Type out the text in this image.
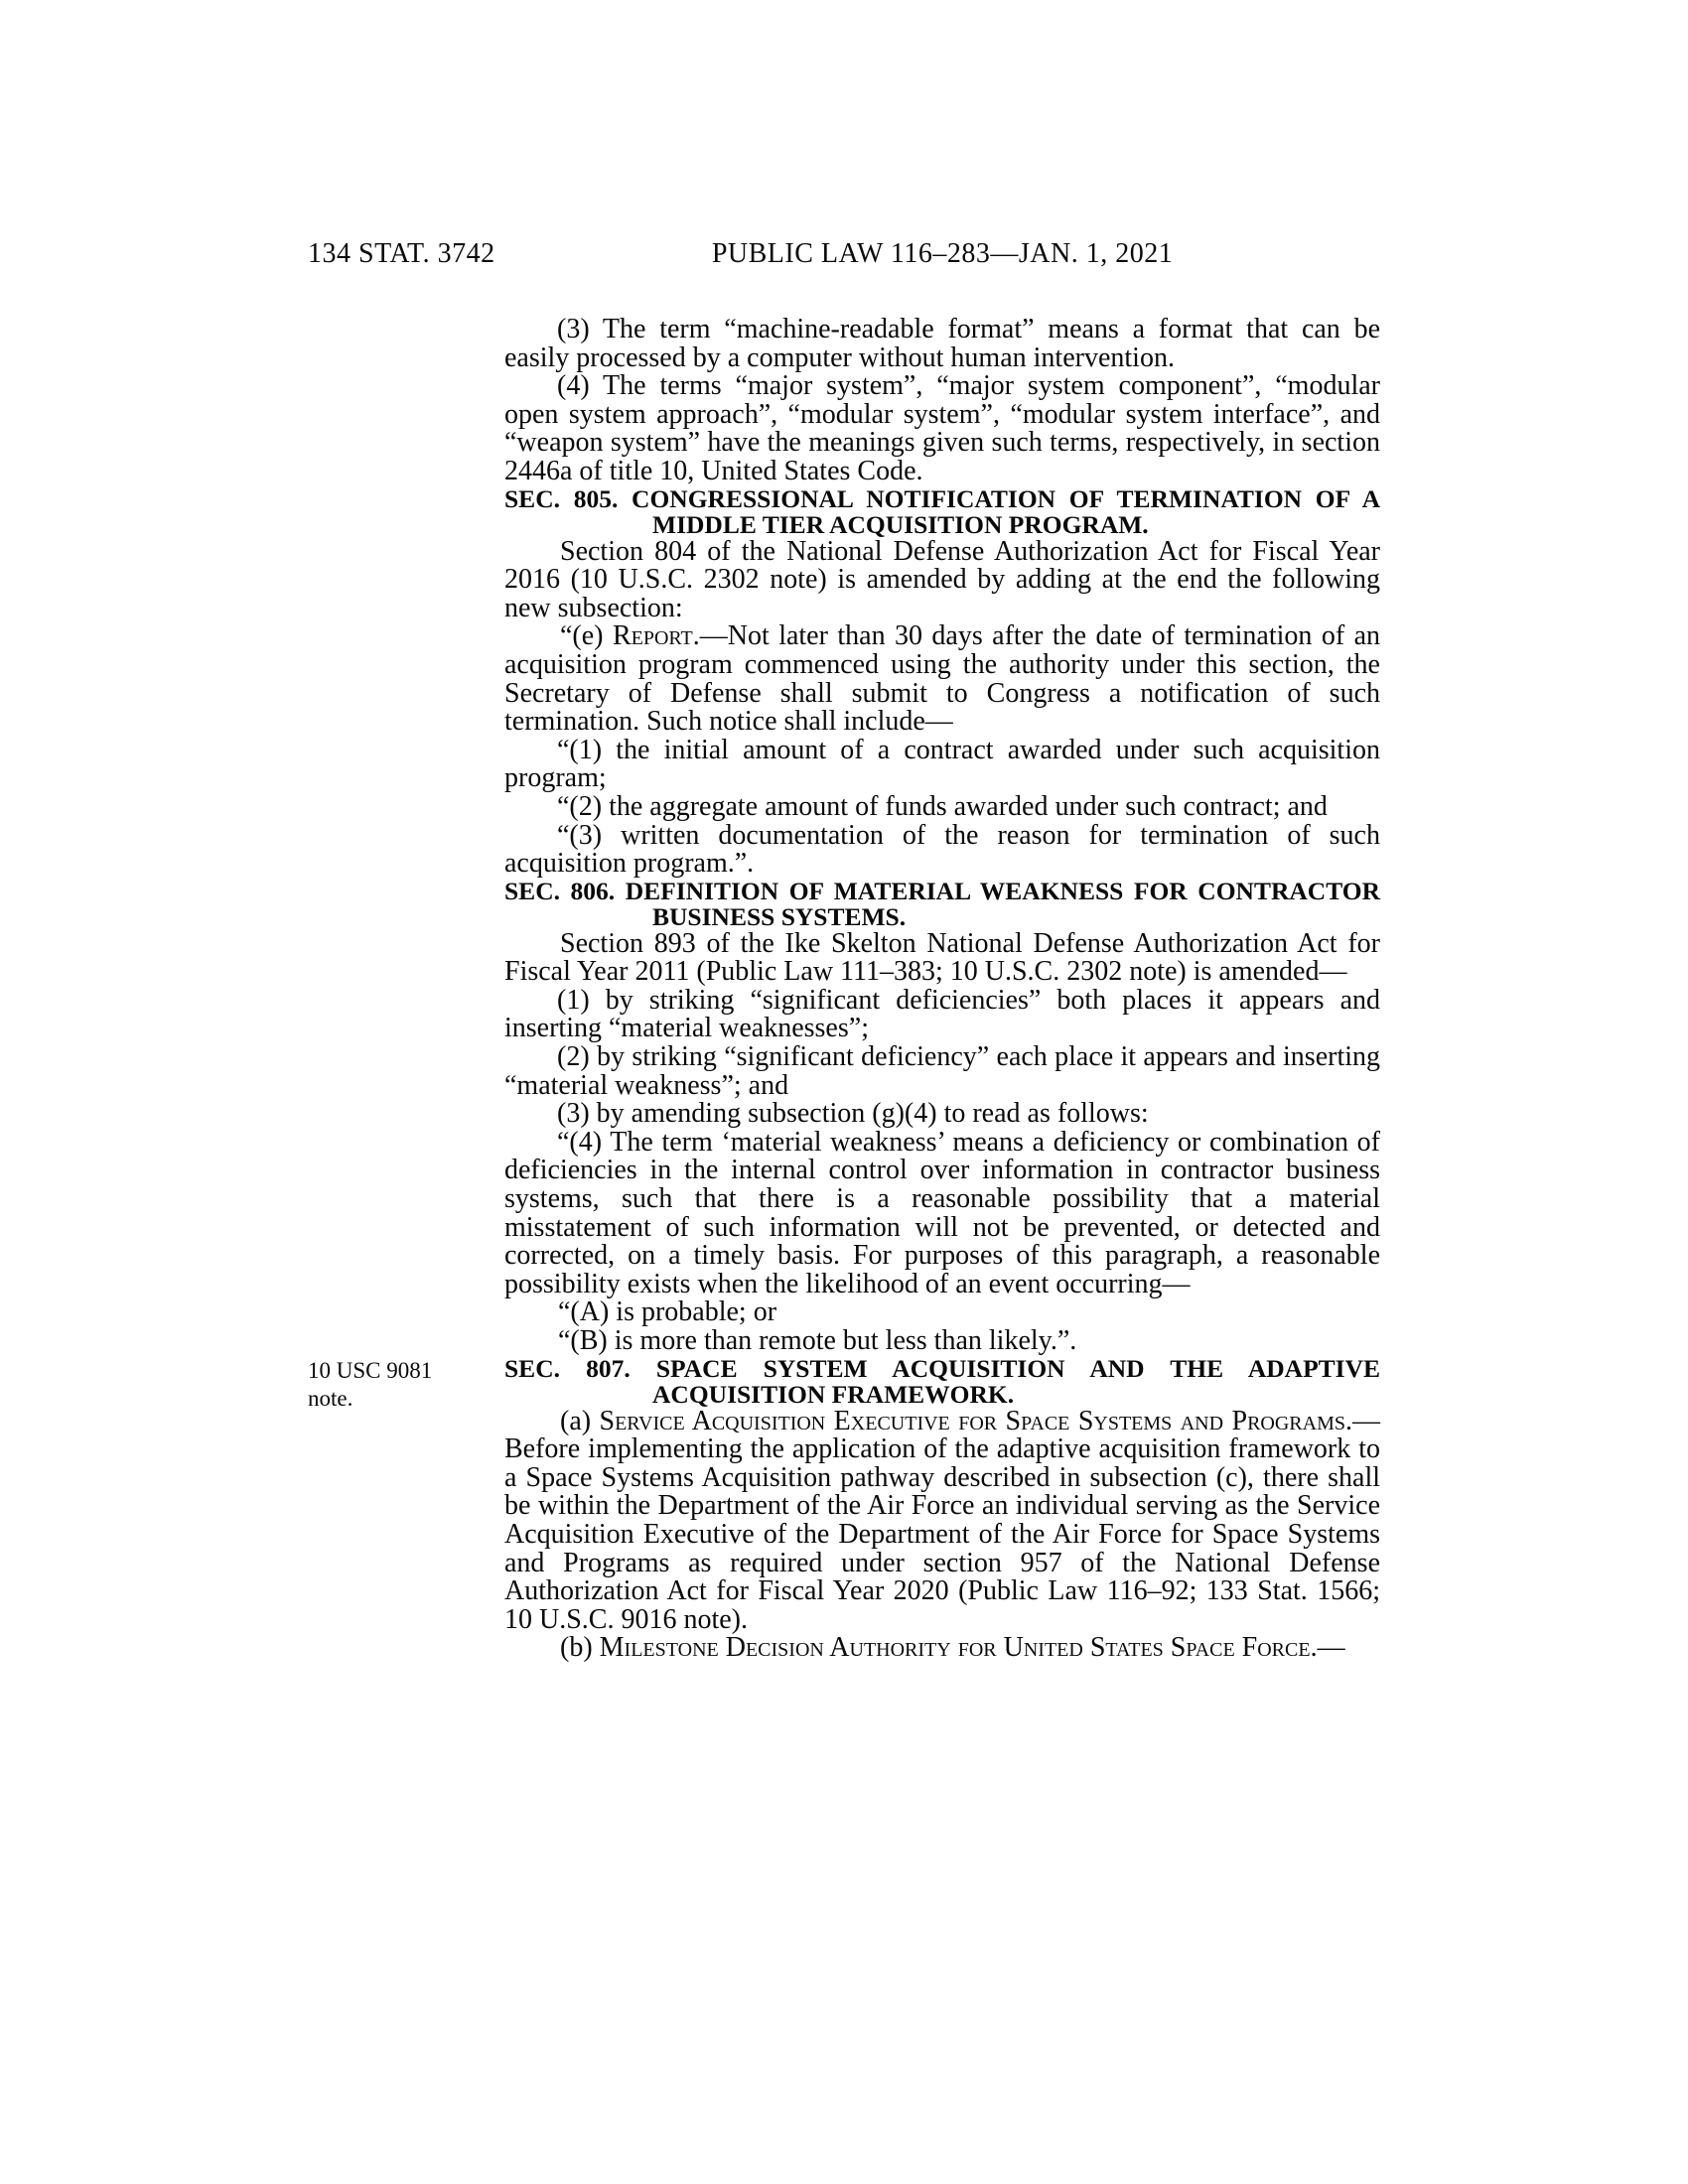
134 STAT. 3742	PUBLIC LAW 116–283—JAN. 1, 2021

(3) The term “machine-readable format” means a format that can be easily processed by a computer without human intervention.

(4) The terms “major system”, “major system component”, “modular open system approach”, “modular system”, “modular system interface”, and “weapon system” have the meanings given such terms, respectively, in section 2446a of title 10, United States Code.

SEC. 805. CONGRESSIONAL NOTIFICATION OF TERMINATION OF A MIDDLE TIER ACQUISITION PROGRAM.

Section 804 of the National Defense Authorization Act for Fiscal Year 2016 (10 U.S.C. 2302 note) is amended by adding at the end the following new subsection:

“(e) Report.—Not later than 30 days after the date of termination of an acquisition program commenced using the authority under this section, the Secretary of Defense shall submit to Congress a notification of such termination. Such notice shall include—

“(1) the initial amount of a contract awarded under such acquisition program;

“(2) the aggregate amount of funds awarded under such contract; and

“(3) written documentation of the reason for termination of such acquisition program.”.

SEC. 806. DEFINITION OF MATERIAL WEAKNESS FOR CONTRACTOR BUSINESS SYSTEMS.

Section 893 of the Ike Skelton National Defense Authorization Act for Fiscal Year 2011 (Public Law 111–383; 10 U.S.C. 2302 note) is amended—

(1) by striking “significant deficiencies” both places it appears and inserting “material weaknesses”;

(2) by striking “significant deficiency” each place it appears and inserting “material weakness”; and

(3) by amending subsection (g)(4) to read as follows:

“(4) The term ‘material weakness’ means a deficiency or combination of deficiencies in the internal control over information in contractor business systems, such that there is a reasonable possibility that a material misstatement of such information will not be prevented, or detected and corrected, on a timely basis. For purposes of this paragraph, a reasonable possibility exists when the likelihood of an event occurring—

“(A) is probable; or

“(B) is more than remote but less than likely.”.

10 USC 9081 note.
SEC. 807. SPACE SYSTEM ACQUISITION AND THE ADAPTIVE ACQUISITION FRAMEWORK.

(a) Service Acquisition Executive for Space Systems and Programs.—Before implementing the application of the adaptive acquisition framework to a Space Systems Acquisition pathway described in subsection (c), there shall be within the Department of the Air Force an individual serving as the Service Acquisition Executive of the Department of the Air Force for Space Systems and Programs as required under section 957 of the National Defense Authorization Act for Fiscal Year 2020 (Public Law 116–92; 133 Stat. 1566; 10 U.S.C. 9016 note).

(b) Milestone Decision Authority for United States Space Force.—
